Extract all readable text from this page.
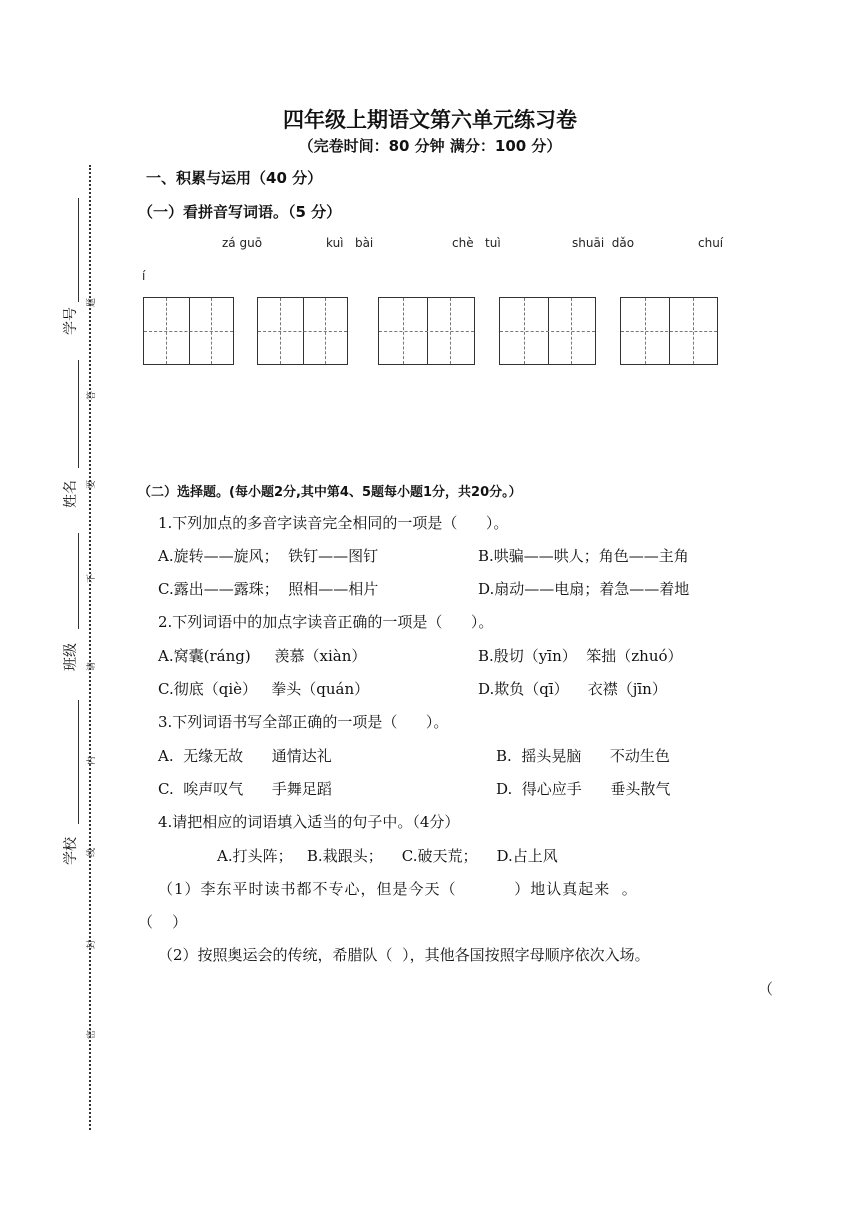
学号
姓名
班级
学校
题
答
要
不
请
内
线
封
密
四年级上期语文第六单元练习卷
（完卷时间：80 分钟 满分：100 分）
一、积累与运用（40 分）
（一）看拼音写词语。（5 分）
zá guō	kuì   bài	chè   tuì	shuāi  dǎo	chuí
í
（二）选择题。(每小题2分,其中第4、5题每小题1分，共20分。）
1.下列加点的多音字读音完全相同的一项是（      ）。
A.旋转——旋风；  铁钉——图钉	B.哄骗——哄人；角色——主角
C.露出——露珠；  照相——相片	D.扇动——电扇；着急——着地
2.下列词语中的加点字读音正确的一项是（      ）。
A.窝囊(ráng)     羡慕（xiàn）	B.殷切（yīn）  笨拙（zhuó）
C.彻底（qiè）   拳头（quán）	D.欺负（qī）    衣襟（jīn）
3.下列词语书写全部正确的一项是（      ）。
A.  无缘无故      通情达礼	B.  摇头晃脑      不动生色
C.  唉声叹气      手舞足蹈	D.  得心应手      垂头散气
4.请把相应的词语填入适当的句子中。（4分）
A.打头阵；   B.栽跟头；    C.破天荒；    D.占上风
（1）李东平时读书都不专心，但是今天（          ）地认真起来  。
（    ）
（2）按照奥运会的传统，希腊队（  ），其他各国按照字母顺序依次入场。
（
